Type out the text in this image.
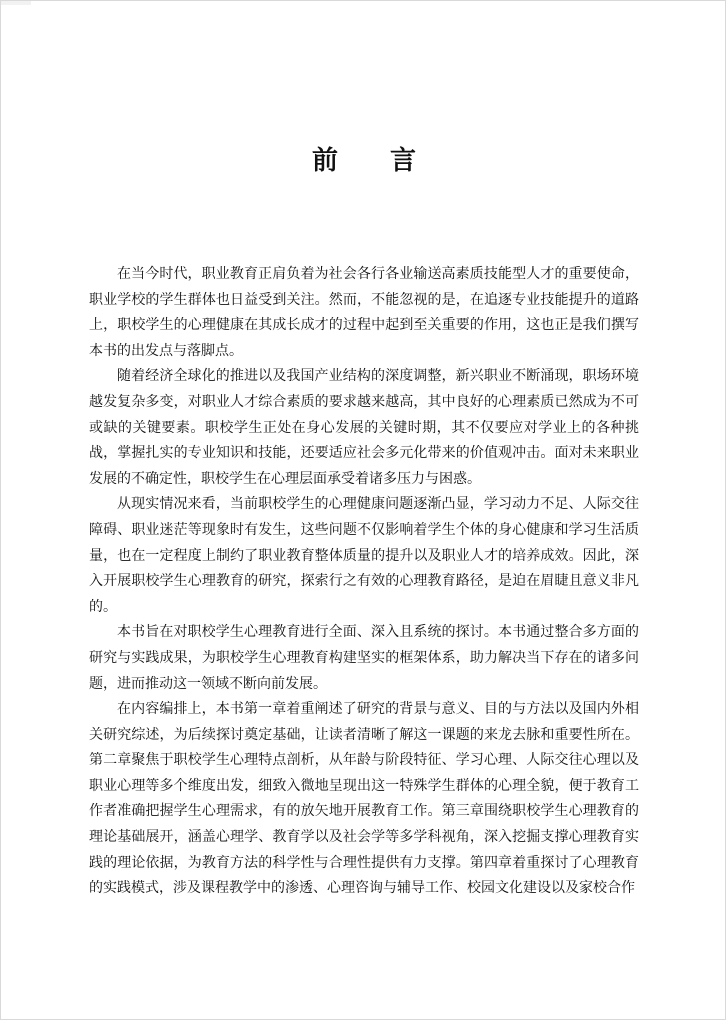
前 言

在当今时代，职业教育正肩负着为社会各行各业输送高素质技能型人才的重要使命，职业学校的学生群体也日益受到关注。然而，不能忽视的是，在追逐专业技能提升的道路上，职校学生的心理健康在其成长成才的过程中起到至关重要的作用，这也正是我们撰写本书的出发点与落脚点。

随着经济全球化的推进以及我国产业结构的深度调整，新兴职业不断涌现，职场环境越发复杂多变，对职业人才综合素质的要求越来越高，其中良好的心理素质已然成为不可或缺的关键要素。职校学生正处在身心发展的关键时期，其不仅要应对学业上的各种挑战，掌握扎实的专业知识和技能，还要适应社会多元化带来的价值观冲击。面对未来职业发展的不确定性，职校学生在心理层面承受着诸多压力与困惑。

从现实情况来看，当前职校学生的心理健康问题逐渐凸显，学习动力不足、人际交往障碍、职业迷茫等现象时有发生，这些问题不仅影响着学生个体的身心健康和学习生活质量，也在一定程度上制约了职业教育整体质量的提升以及职业人才的培养成效。因此，深入开展职校学生心理教育的研究，探索行之有效的心理教育路径，是迫在眉睫且意义非凡的。

本书旨在对职校学生心理教育进行全面、深入且系统的探讨。本书通过整合多方面的研究与实践成果，为职校学生心理教育构建坚实的框架体系，助力解决当下存在的诸多问题，进而推动这一领域不断向前发展。

在内容编排上，本书第一章着重阐述了研究的背景与意义、目的与方法以及国内外相关研究综述，为后续探讨奠定基础，让读者清晰了解这一课题的来龙去脉和重要性所在。第二章聚焦于职校学生心理特点剖析，从年龄与阶段特征、学习心理、人际交往心理以及职业心理等多个维度出发，细致入微地呈现出这一特殊学生群体的心理全貌，便于教育工作者准确把握学生心理需求，有的放矢地开展教育工作。第三章围绕职校学生心理教育的理论基础展开，涵盖心理学、教育学以及社会学等多学科视角，深入挖掘支撑心理教育实践的理论依据，为教育方法的科学性与合理性提供有力支撑。第四章着重探讨了心理教育的实践模式，涉及课程教学中的渗透、心理咨询与辅导工作、校园文化建设以及家校合作
